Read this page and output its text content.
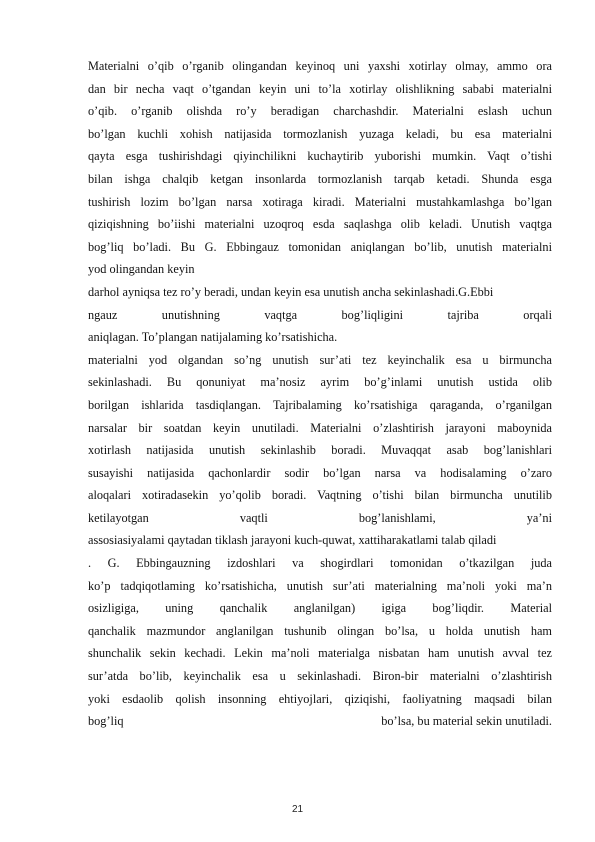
Materialni o’qib o’rganib olingandan keyinoq uni yaxshi xotirlay olmay, ammo ora
dan bir necha vaqt o’tgandan keyin uni to’la xotirlay olishlikning sababi materialni
o’qib. o’rganib olishda ro’y beradigan charchashdir. Materialni eslash uchun
bo’lgan kuchli xohish natijasida tormozlanish yuzaga keladi, bu esa materialni
qayta esga tushirishdagi qiyinchilikni kuchaytirib yuborishi mumkin. Vaqt o’tishi
bilan ishga chalqib ketgan insonlarda tormozlanish tarqab ketadi. Shunda esga
tushirish lozim bo’lgan narsa xotiraga kiradi. Materialni mustahkamlashga bo’lgan
qiziqishning bo’iishi materialni uzoqroq esda saqlashga olib keladi. Unutish vaqtga
bog’liq bo’ladi. Bu G. Ebbingauz tomonidan aniqlangan bo’lib, unutish materialni
yod olingandan keyin
darhol ayniqsa tez ro’y beradi, undan keyin esa unutish ancha sekinlashadi.G.Ebbi
ngauz unutishning vaqtga bog’liqligini tajriba orqali
aniqlagan. To’plangan natijalaming ko’rsatishicha.
materialni yod olgandan so’ng unutish sur’ati tez keyinchalik esa u birmuncha
sekinlashadi. Bu qonuniyat ma’nosiz ayrim bo’g’inlami unutish ustida olib
borilgan ishlarida tasdiqlangan. Tajribalaming ko’rsatishiga qaraganda, o’rganilgan
narsalar bir soatdan keyin unutiladi. Materialni o’zlashtirish jarayoni maboynida
xotirlash natijasida unutish sekinlashib boradi. Muvaqqat asab bog’lanishlari
susayishi natijasida qachonlardir sodir bo’lgan narsa va hodisalaming o’zaro
aloqalari xotiradasekin yo’qolib boradi. Vaqtning o’tishi bilan birmuncha unutilib
ketilayotgan vaqtli bog’lanishlami, ya’ni
assosiasiyalami qaytadan tiklash jarayoni kuch-quwat, xattiharakatlami talab qiladi
. G. Ebbingauzning izdoshlari va shogirdlari tomonidan o’tkazilgan juda
ko’p tadqiqotlaming ko’rsatishicha, unutish sur’ati materialning ma’noli yoki ma’n
osizligiga, uning qanchalik anglanilgan) igiga bog’liqdir. Material
qanchalik mazmundor anglanilgan tushunib olingan bo’lsa, u holda unutish ham
shunchalik sekin kechadi. Lekin ma’noli materialga nisbatan ham unutish avval tez
sur’atda bo’lib, keyinchalik esa u sekinlashadi. Biron-bir materialni o’zlashtirish
yoki esdaolib qolish insonning ehtiyojlari, qiziqishi, faoliyatning maqsadi bilan
bog’liq	bo’lsa, bu material sekin unutiladi.
21
